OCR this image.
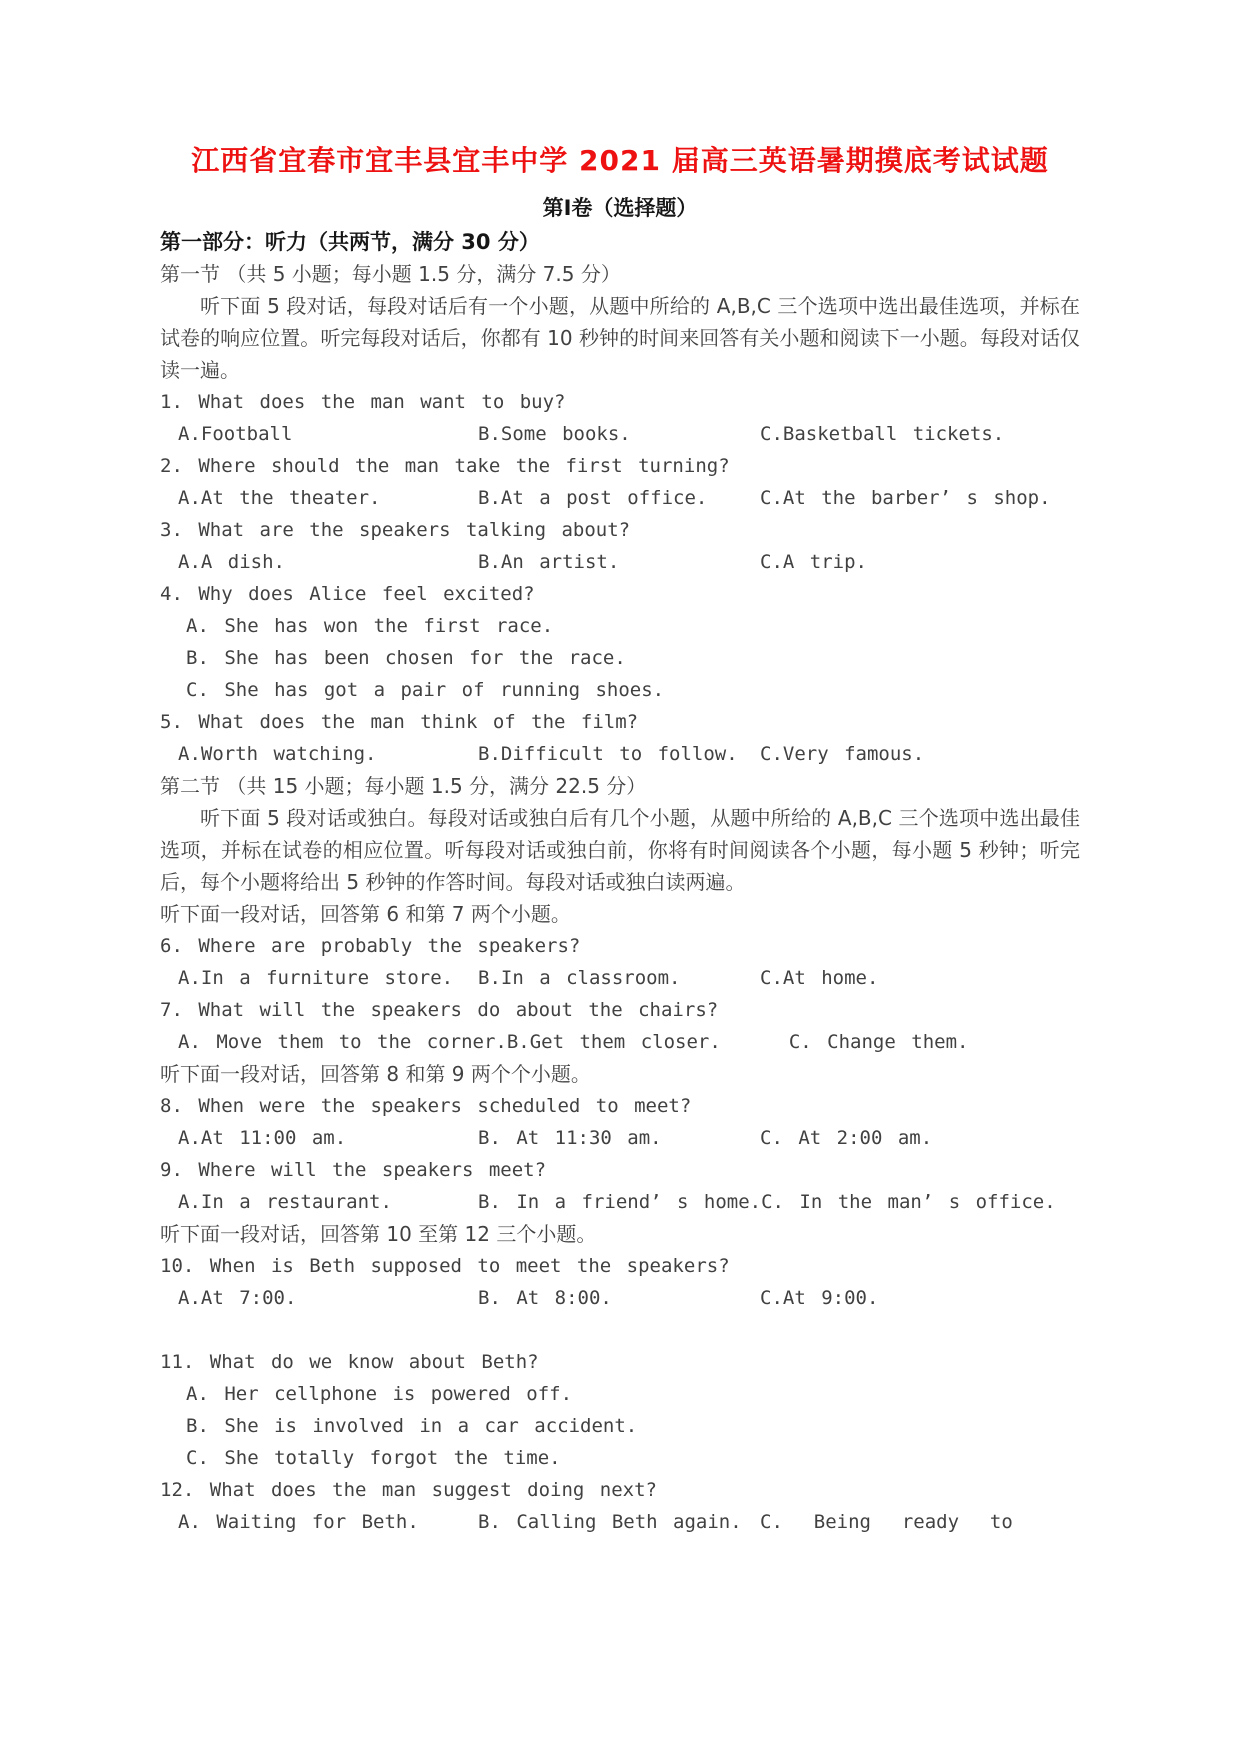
江西省宜春市宜丰县宜丰中学 2021 届高三英语暑期摸底考试试题
第Ⅰ卷（选择题）
第一部分：听力（共两节，满分 30 分）
第一节 （共 5 小题；每小题 1.5 分，满分 7.5 分）
听下面 5 段对话，每段对话后有一个小题，从题中所给的 A,B,C 三个选项中选出最佳选项，并标在试卷的响应位置。听完每段对话后，你都有 10 秒钟的时间来回答有关小题和阅读下一小题。每段对话仅读一遍。
1. What does the man want to buy?
A.Football	B.Some books.	C.Basketball tickets.
2. Where should the man take the first turning?
A.At the theater.	B.At a post office.	C.At the barber’ s shop.
3. What are the speakers talking about?
A.A dish.	B.An artist.	C.A trip.
4. Why does Alice feel excited?
A. She has won the first race.
B. She has been chosen for the race.
C. She has got a pair of running shoes.
5. What does the man think of the film?
A.Worth watching.	B.Difficult to follow.	C.Very famous.
第二节 （共 15 小题；每小题 1.5 分，满分 22.5 分）
听下面 5 段对话或独白。每段对话或独白后有几个小题，从题中所给的 A,B,C 三个选项中选出最佳选项，并标在试卷的相应位置。听每段对话或独白前，你将有时间阅读各个小题，每小题 5 秒钟；听完后，每个小题将给出 5 秒钟的作答时间。每段对话或独白读两遍。
听下面一段对话，回答第 6 和第 7 两个小题。
6. Where are probably the speakers?
A.In a furniture store.	B.In a classroom.	C.At home.
7. What will the speakers do about the chairs?
A. Move them to the corner. B.Get them closer.	C. Change them.
听下面一段对话，回答第 8 和第 9 两个个小题。
8. When were the speakers scheduled to meet?
A.At 11:00 am.	B. At 11:30 am.	C. At 2:00 am.
9. Where will the speakers meet?
A.In a restaurant.	B. In a friend’ s home. C. In the man’ s office.
听下面一段对话，回答第 10 至第 12 三个小题。
10. When is Beth supposed to meet the speakers?
A.At 7:00.	B. At 8:00.	C.At 9:00.
11. What do we know about Beth?
A. Her cellphone is powered off.
B. She is involved in a car accident.
C. She totally forgot the time.
12. What does the man suggest doing next?
A. Waiting for Beth.	B. Calling Beth again. C.  Being  ready  to
